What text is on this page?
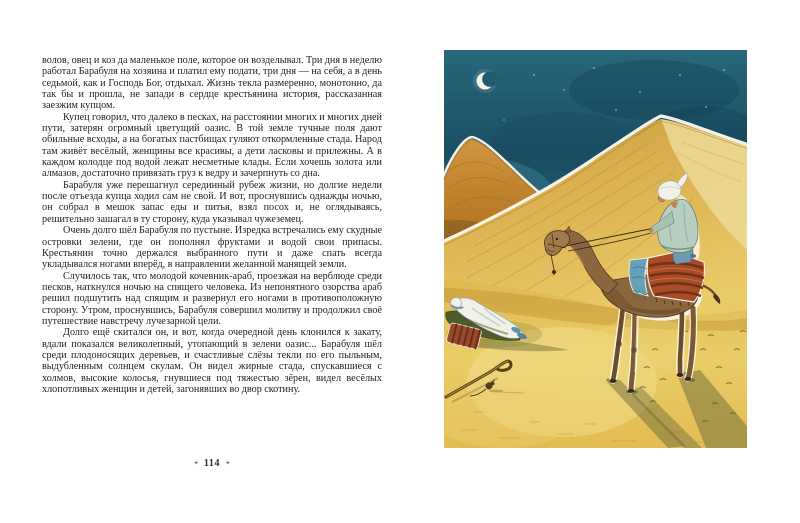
волов, овец и коз да маленькое поле, которое он возделывал. Три дня в неделю работал Барабуля на хозяина и платил ему подати, три дня — на себя, а в день седьмой, как и Господь Бог, отдыхал. Жизнь текла размеренно, монотонно, да так бы и прошла, не запади в сердце крестьянина история, рассказанная заезжим купцом.

Купец говорил, что далеко в песках, на расстоянии многих и многих дней пути, затерян огромный цветущий оазис. В той земле тучные поля дают обильные всходы, а на богатых пастбищах гуляют откормленные стада. Народ там живёт весёлый, женщины все красивы, а дети ласковы и прилежны. А в каждом колодце под водой лежат несметные клады. Если хочешь золота или алмазов, достаточно привязать груз к ведру и зачерпнуть со дна.

Барабуля уже перешагнул серединный рубеж жизни, но долгие недели после отъезда купца ходил сам не свой. И вот, проснувшись однажды ночью, он собрал в мешок запас еды и питья, взял посох и, не оглядываясь, решительно зашагал в ту сторону, куда указывал чужеземец.

Очень долго шёл Барабуля по пустыне. Изредка встречались ему скудные островки зелени, где он пополнял фруктами и водой свои припасы. Крестьянин точно держался выбранного пути и даже спать всегда укладывался ногами вперёд, в направлении желанной манящей земли.

Случилось так, что молодой кочевник-араб, проезжая на верблюде среди песков, наткнулся ночью на спящего человека. Из непонятного озорства араб решил подшутить над спящим и развернул его ногами в противоположную сторону. Утром, проснувшись, Барабуля совершил молитву и продолжил своё путешествие навстречу лучезарной цели.

Долго ещё скитался он, и вот, когда очередной день клонился к закату, вдали показался великолепный, утопающий в зелени оазис... Барабуля шёл среди плодоносящих деревьев, и счастливые слёзы текли по его пыльным, выдубленным солнцем скулам. Он видел жирные стада, спускавшиеся с холмов, высокие колосья, гнувшиеся под тяжестью зёрен, видел весёлых хлопотливых женщин и детей, загонявших во двор скотину.

✦ 114 ✦
